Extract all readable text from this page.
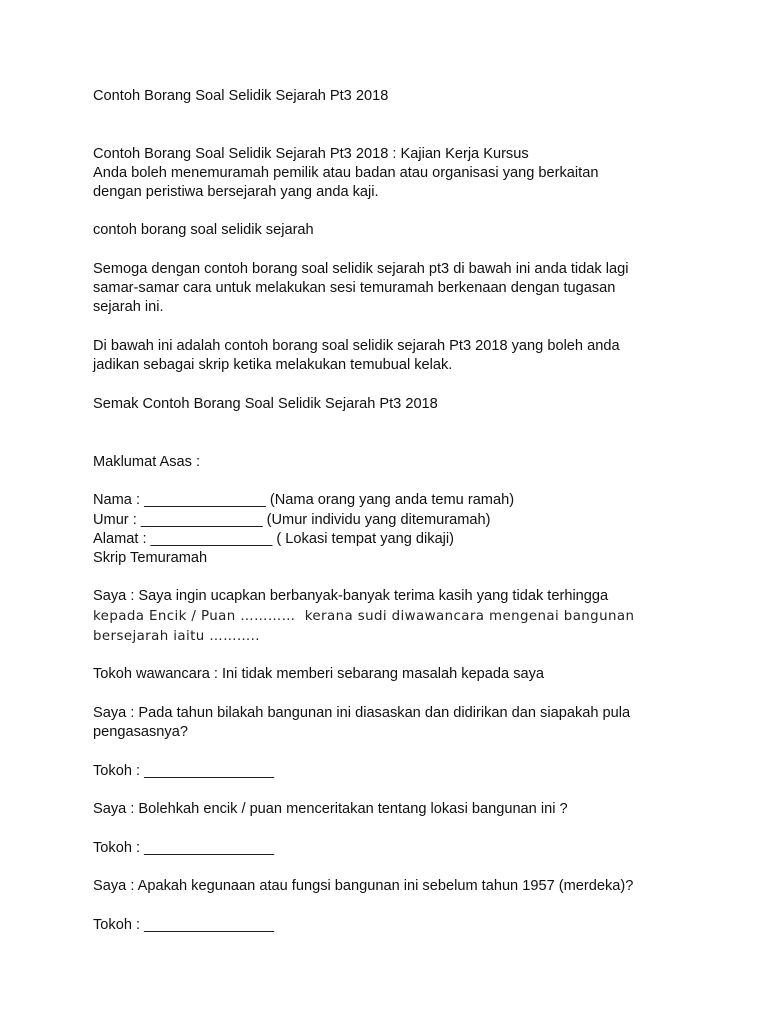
Contoh Borang Soal Selidik Sejarah Pt3 2018
Contoh Borang Soal Selidik Sejarah Pt3 2018 : Kajian Kerja Kursus
Anda boleh menemuramah pemilik atau badan atau organisasi yang berkaitan
dengan peristiwa bersejarah yang anda kaji.
contoh borang soal selidik sejarah
Semoga dengan contoh borang soal selidik sejarah pt3 di bawah ini anda tidak lagi
samar-samar cara untuk melakukan sesi temuramah berkenaan dengan tugasan
sejarah ini.
Di bawah ini adalah contoh borang soal selidik sejarah Pt3 2018 yang boleh anda
jadikan sebagai skrip ketika melakukan temubual kelak.
Semak Contoh Borang Soal Selidik Sejarah Pt3 2018
Maklumat Asas :
Nama : _______________ (Nama orang yang anda temu ramah)
Umur : _______________ (Umur individu yang ditemuramah)
Alamat : _______________ ( Lokasi tempat yang dikaji)
Skrip Temuramah
Saya : Saya ingin ucapkan berbanyak-banyak terima kasih yang tidak terhingga
kepada Encik / Puan …………  kerana sudi diwawancara mengenai bangunan
bersejarah iaitu ………..
Tokoh wawancara : Ini tidak memberi sebarang masalah kepada saya
Saya : Pada tahun bilakah bangunan ini diasaskan dan didirikan dan siapakah pula
pengasasnya?
Tokoh : ________________
Saya : Bolehkah encik / puan menceritakan tentang lokasi bangunan ini ?
Tokoh : ________________
Saya : Apakah kegunaan atau fungsi bangunan ini sebelum tahun 1957 (merdeka)?
Tokoh : ________________
